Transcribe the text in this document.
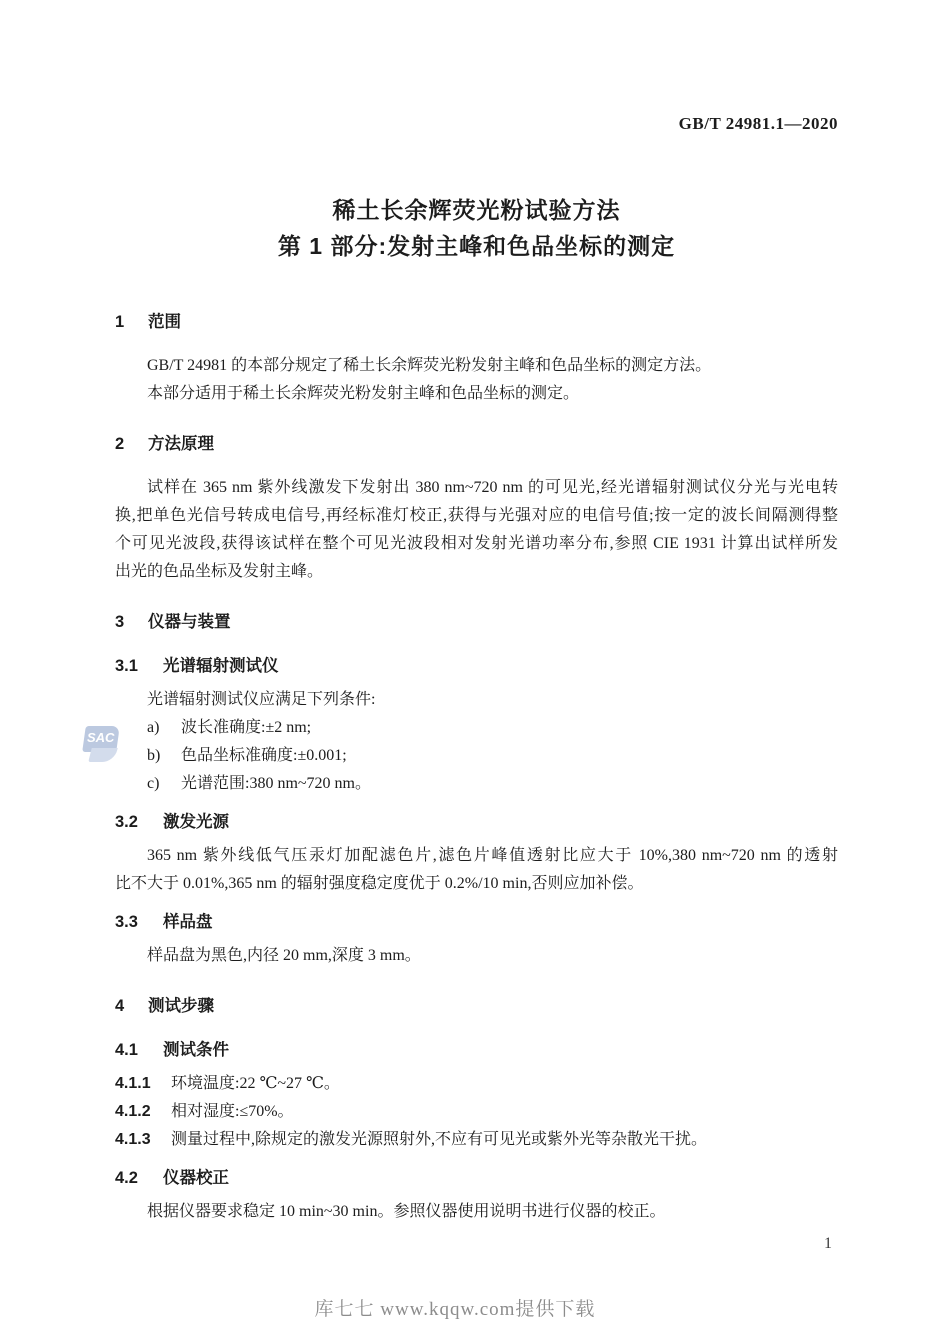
SAC
GB/T 24981.1—2020
稀土长余辉荧光粉试验方法
第 1 部分:发射主峰和色品坐标的测定
1 范围
GB/T 24981 的本部分规定了稀土长余辉荧光粉发射主峰和色品坐标的测定方法。
本部分适用于稀土长余辉荧光粉发射主峰和色品坐标的测定。
2 方法原理
试样在 365 nm 紫外线激发下发射出 380 nm~720 nm 的可见光,经光谱辐射测试仪分光与光电转
换,把单色光信号转成电信号,再经标准灯校正,获得与光强对应的电信号值;按一定的波长间隔测得整
个可见光波段,获得该试样在整个可见光波段相对发射光谱功率分布,参照 CIE 1931 计算出试样所发
出光的色品坐标及发射主峰。
3 仪器与装置
3.1 光谱辐射测试仪
光谱辐射测试仪应满足下列条件:
a) 波长准确度:±2 nm;
b) 色品坐标准确度:±0.001;
c) 光谱范围:380 nm~720 nm。
3.2 激发光源
365 nm 紫外线低气压汞灯加配滤色片,滤色片峰值透射比应大于 10%,380 nm~720 nm 的透射
比不大于 0.01%,365 nm 的辐射强度稳定度优于 0.2%/10 min,否则应加补偿。
3.3 样品盘
样品盘为黑色,内径 20 mm,深度 3 mm。
4 测试步骤
4.1 测试条件
4.1.1 环境温度:22 ℃~27 ℃。
4.1.2 相对湿度:≤70%。
4.1.3 测量过程中,除规定的激发光源照射外,不应有可见光或紫外光等杂散光干扰。
4.2 仪器校正
根据仪器要求稳定 10 min~30 min。参照仪器使用说明书进行仪器的校正。
1
库七七 www.kqqw.com提供下载
